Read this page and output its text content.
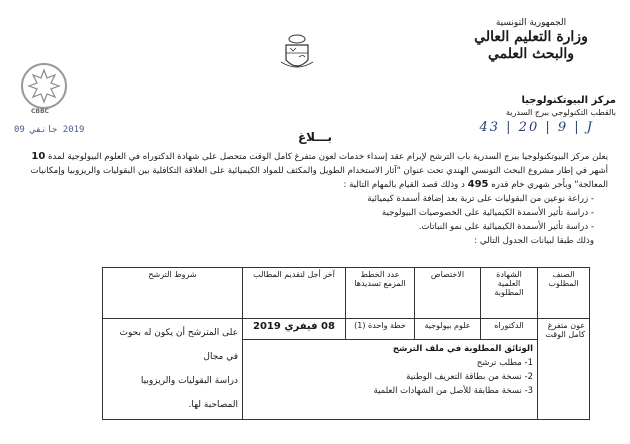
الجمهورية التونسية
وزارة التعليم العالي
والبحث العلمي
مركز البيوتكنولوجيا
بالقطب التكنولوجي ببرج السدرية
43 | 20 | 9 | J
CBBC
2019 جانفي 09	بـــلاغ

يعلن مركز البيوتكنولوجيا ببرج السدرية باب الترشح لإبرام عقد إسداء خدمات لعون متفرغ كامل الوقت متحصل على شهادة الدكتوراه في العلوم البيولوجية لمدة 10 أشهر في إطار مشروع البحث التونسي الهندي تحت عنوان "آثار الاستخدام الطويل والمكثف للمواد الكيميائية على العلاقة التكافلية بين البقوليات والريزوبيا وإمكانيات المعالجة" وبأجر شهري خام قدره 495 د وذلك قصد القيام بالمهام التالية :

- زراعة نوعين من البقوليات على تربة بعد إضافة أسمدة كيميائية

- دراسة تأثير الأسمدة الكيميائية على الخصوصيات البيولوجية

- دراسة تأثير الأسمدة الكيميائية على نمو النباتات.

وذلك طبقا لبيانات الجدول التالي :

الصنف المطلوب	الشهادة العلمية المطلوبة	الاختصاص	عدد الخطط المزمع تسديدها	آخر أجل لتقديم المطالب	شروط الترشح
عون متفرغ كامل الوقت	الدكتوراه	علوم بيولوجية	خطة واحدة (1)	08 فيفري 2019	على المترشح أن يكون له بحوث في مجال
دراسة البقوليات والريزوبيا المصاحبة لها.

	الوثائق المطلوبة في ملف الترشح
1- مطلب ترشح
2- نسخة من بطاقة التعريف الوطنية
3- نسخة مطابقة للأصل من الشهادات العلمية				
